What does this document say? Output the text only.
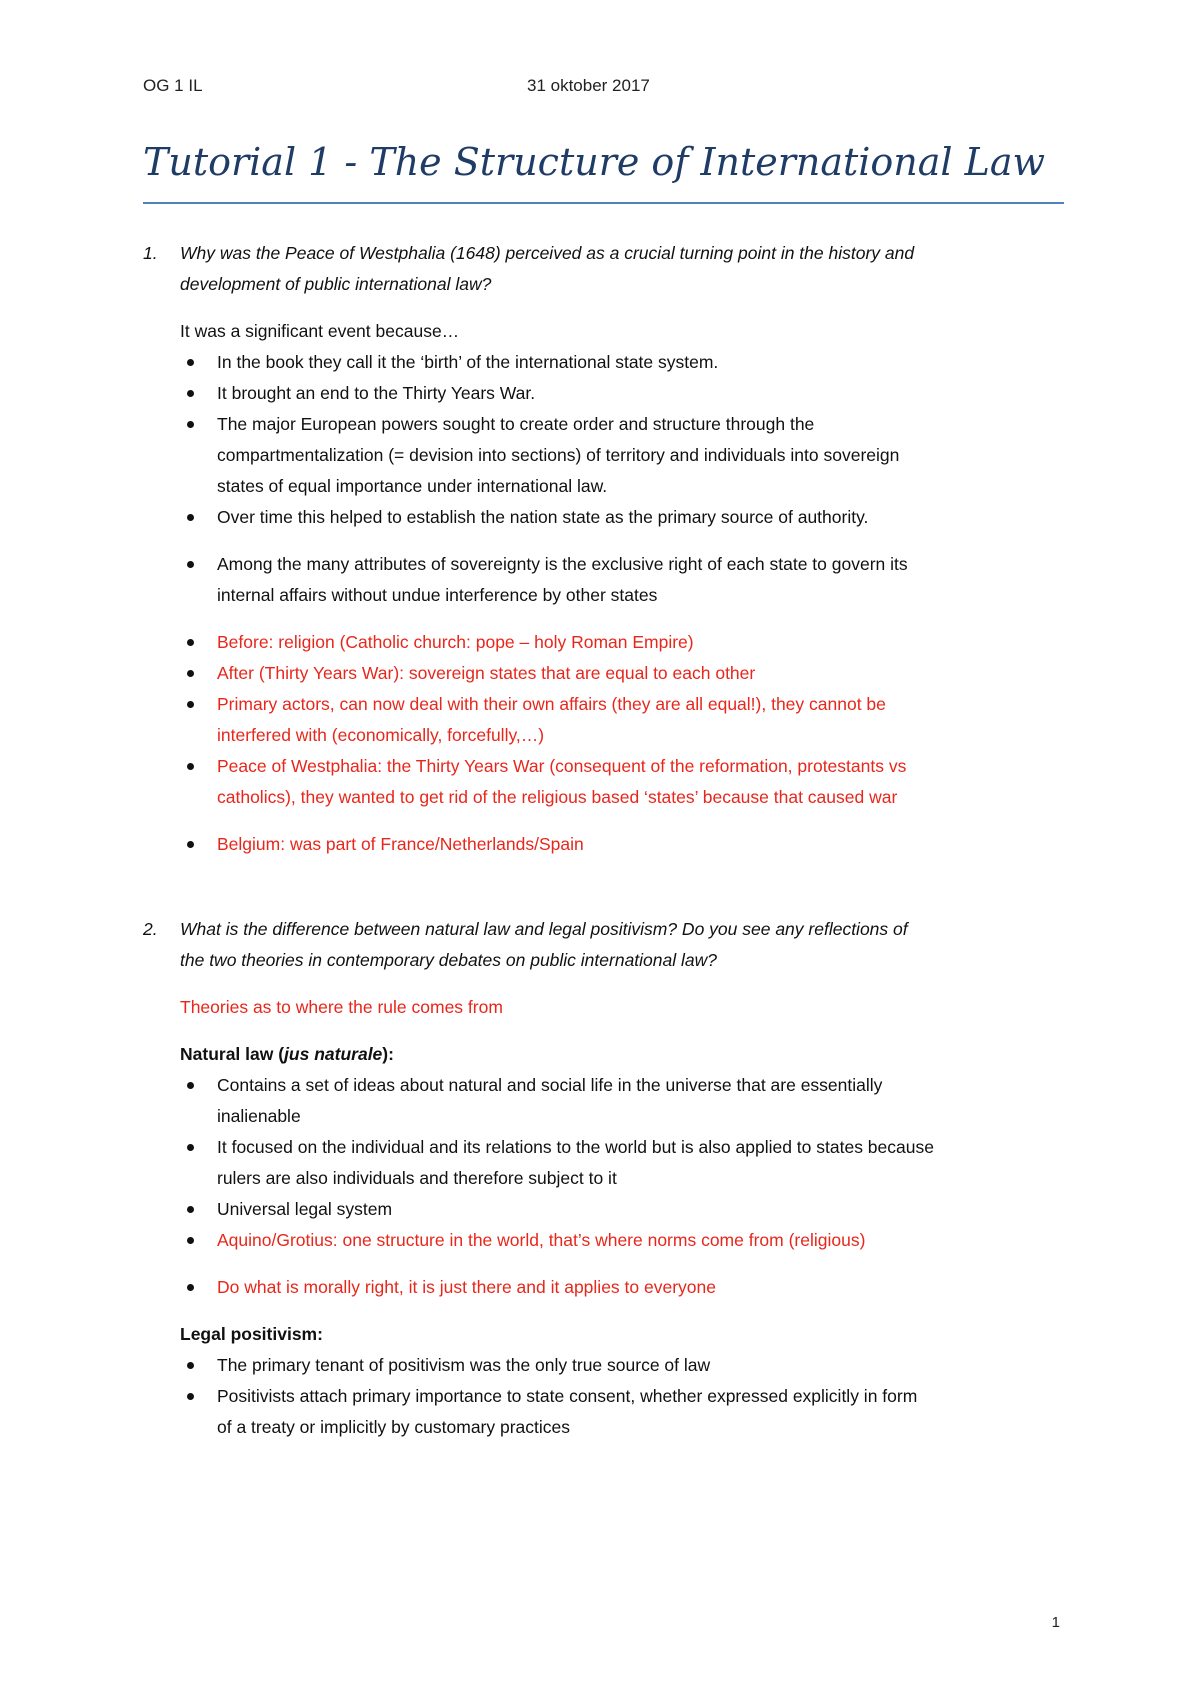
OG 1 IL	31 oktober 2017
Tutorial 1 - The Structure of International Law
1. Why was the Peace of Westphalia (1648) perceived as a crucial turning point in the history and
development of public international law?

It was a significant event because…

In the book they call it the ‘birth’ of the international state system.
It brought an end to the Thirty Years War.
The major European powers sought to create order and structure through the
compartmentalization (= devision into sections) of territory and individuals into sovereign
states of equal importance under international law.
Over time this helped to establish the nation state as the primary source of authority.
Among the many attributes of sovereignty is the exclusive right of each state to govern its
internal affairs without undue interference by other states
Before: religion (Catholic church: pope – holy Roman Empire)
After (Thirty Years War): sovereign states that are equal to each other
Primary actors, can now deal with their own affairs (they are all equal!), they cannot be
interfered with (economically, forcefully,…)
Peace of Westphalia: the Thirty Years War (consequent of the reformation, protestants vs
catholics), they wanted to get rid of the religious based ‘states’ because that caused war
Belgium: was part of France/Netherlands/Spain
2. What is the difference between natural law and legal positivism? Do you see any reflections of
the two theories in contemporary debates on public international law?

Theories as to where the rule comes from

Natural law (jus naturale):

Contains a set of ideas about natural and social life in the universe that are essentially
inalienable
It focused on the individual and its relations to the world but is also applied to states because
rulers are also individuals and therefore subject to it
Universal legal system
Aquino/Grotius: one structure in the world, that’s where norms come from (religious)
Do what is morally right, it is just there and it applies to everyone

Legal positivism:

The primary tenant of positivism was the only true source of law
Positivists attach primary importance to state consent, whether expressed explicitly in form
of a treaty or implicitly by customary practices
1
